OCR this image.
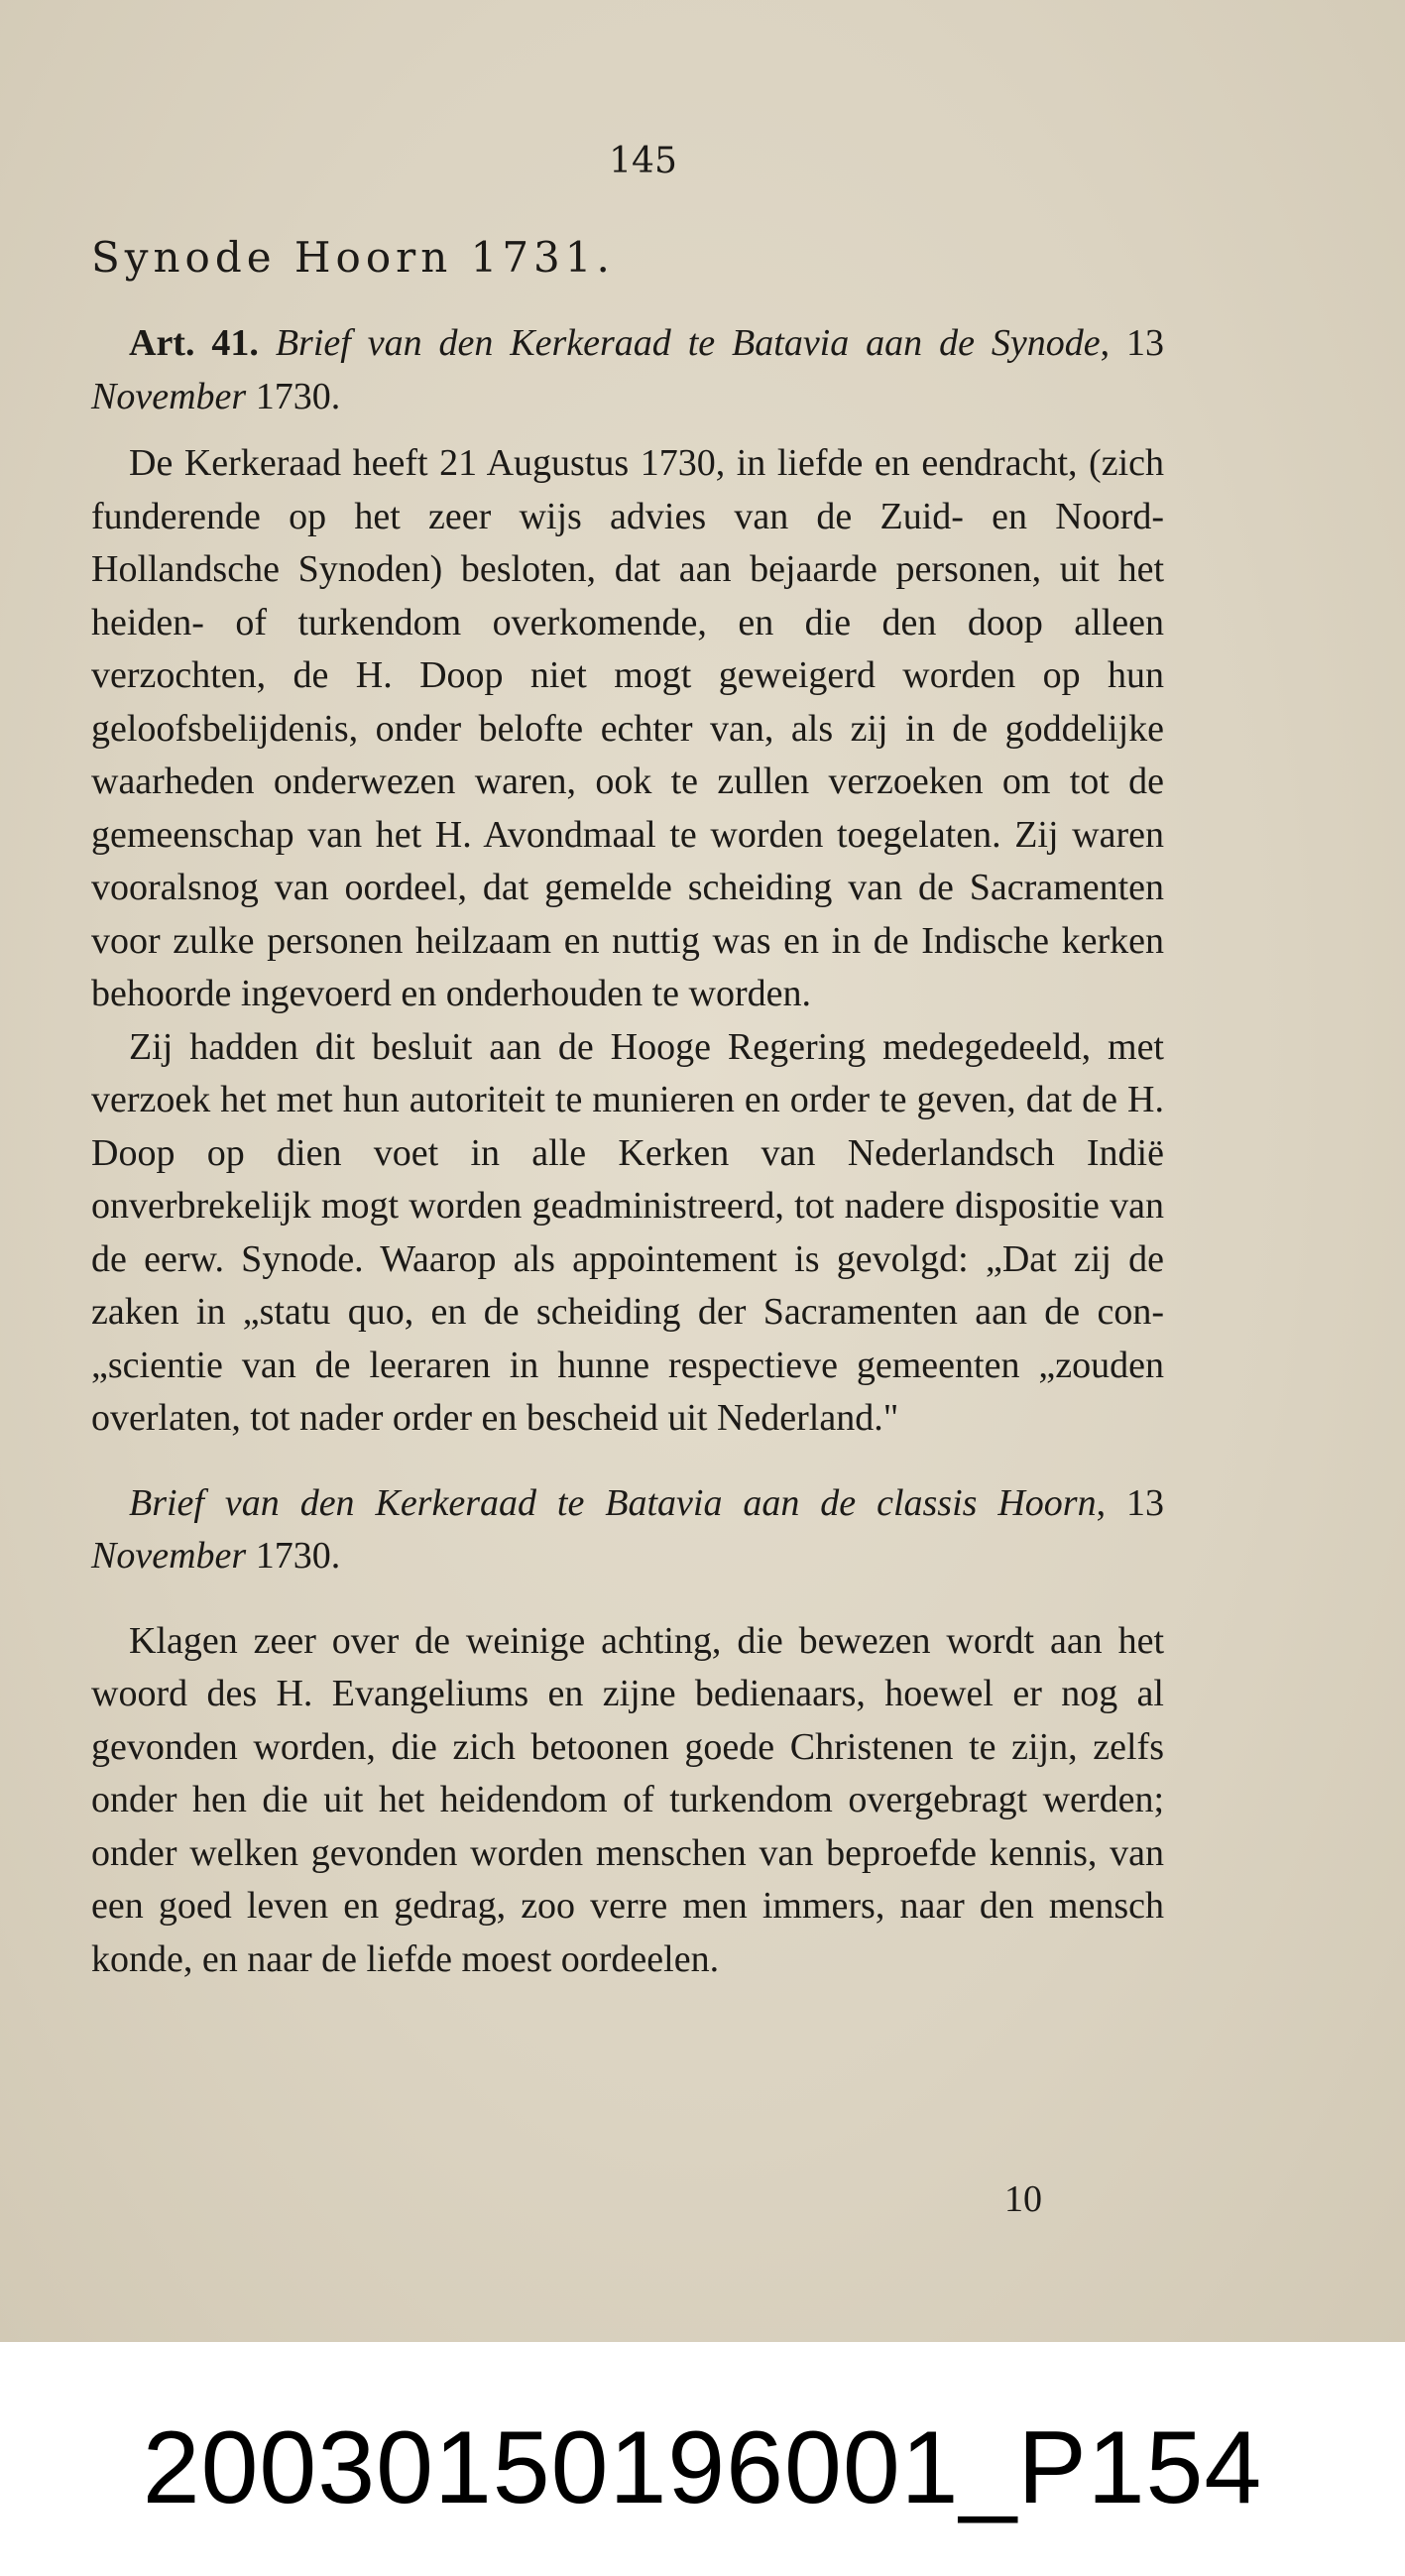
145
Synode Hoorn 1731.
Art. 41. Brief van den Kerkeraad te Batavia aan de Synode, 13 November 1730.

De Kerkeraad heeft 21 Augustus 1730, in liefde en eendracht, (zich funderende op het zeer wijs advies van de Zuid- en Noord-Hollandsche Synoden) besloten, dat aan bejaarde personen, uit het heiden- of turkendom overkomende, en die den doop alleen verzochten, de H. Doop niet mogt geweigerd worden op hun geloofsbelijdenis, onder belofte echter van, als zij in de goddelijke waarheden onderwezen waren, ook te zullen verzoeken om tot de gemeenschap van het H. Avondmaal te worden toegelaten. Zij waren vooralsnog van oordeel, dat gemelde scheiding van de Sacramenten voor zulke personen heilzaam en nuttig was en in de Indische kerken behoorde ingevoerd en onderhouden te worden.

Zij hadden dit besluit aan de Hooge Regering medegedeeld, met verzoek het met hun autoriteit te munieren en order te geven, dat de H. Doop op dien voet in alle Kerken van Nederlandsch Indië onverbrekelijk mogt worden geadministreerd, tot nadere dispositie van de eerw. Synode. Waarop als appointement is gevolgd: „Dat zij de zaken in „statu quo, en de scheiding der Sacramenten aan de con- „scientie van de leeraren in hunne respectieve gemeenten „zouden overlaten, tot nader order en bescheid uit Nederland."

Brief van den Kerkeraad te Batavia aan de classis Hoorn, 13 November 1730.

Klagen zeer over de weinige achting, die bewezen wordt aan het woord des H. Evangeliums en zijne bedienaars, hoewel er nog al gevonden worden, die zich betoonen goede Christenen te zijn, zelfs onder hen die uit het heidendom of turkendom overgebragt werden; onder welken gevonden worden menschen van beproefde kennis, van een goed leven en gedrag, zoo verre men immers, naar den mensch konde, en naar de liefde moest oordeelen.

10
20030150196001_P154
